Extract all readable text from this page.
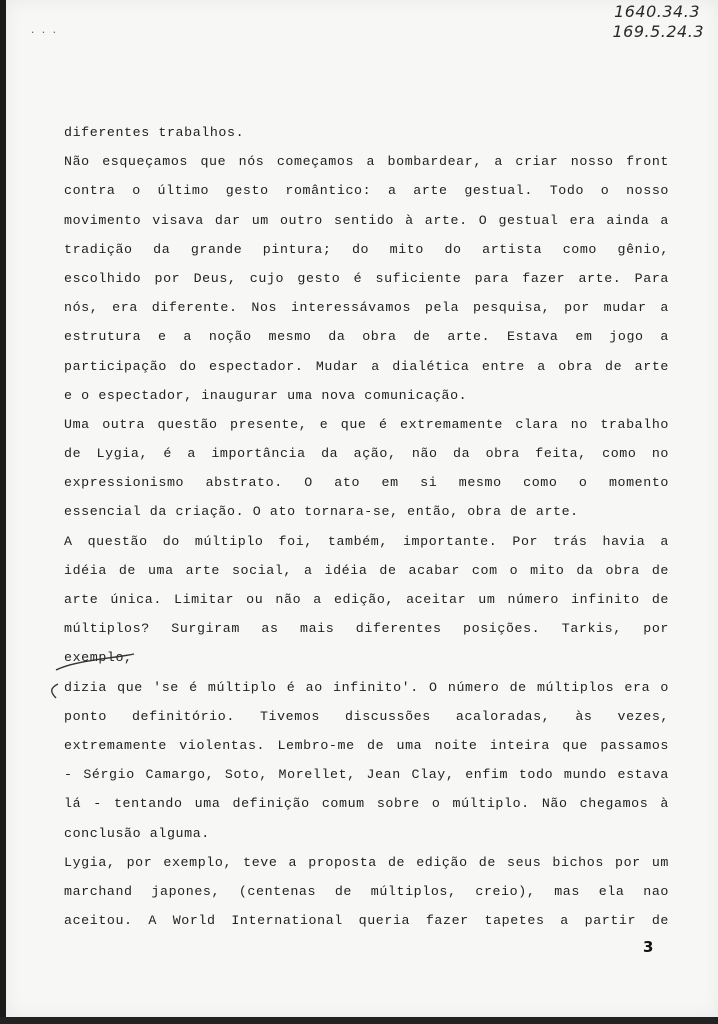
1640.34.3
169.5.24.3
. . .
diferentes trabalhos.
Não esqueçamos que nós começamos a bombardear, a criar nosso front
contra o último gesto romântico: a arte gestual. Todo o nosso
movimento visava dar um outro sentido à arte. O gestual era ainda a
tradição da grande pintura; do mito do artista como gênio,
escolhido por Deus, cujo gesto é suficiente para fazer arte. Para
nós, era diferente. Nos interessávamos pela pesquisa, por mudar a
estrutura e a noção mesmo da obra de arte. Estava em jogo a
participação do espectador. Mudar a dialética entre a obra de arte
e o espectador, inaugurar uma nova comunicação.
Uma outra questão presente, e que é extremamente clara no trabalho
de Lygia, é a importância da ação, não da obra feita, como no
expressionismo abstrato. O ato em si mesmo como o momento
essencial da criação. O ato tornara-se, então, obra de arte.
A questão do múltiplo foi, também, importante. Por trás havia a
idéia de uma arte social, a idéia de acabar com o mito da obra de
arte única. Limitar ou não a edição, aceitar um número infinito de
múltiplos? Surgiram as mais diferentes posições. Tarkis, por
exemplo,
dizia que 'se é múltiplo é ao infinito'. O número de múltiplos era o
ponto definitório. Tivemos discussões acaloradas, às vezes,
extremamente violentas. Lembro-me de uma noite inteira que passamos
- Sérgio Camargo, Soto, Morellet, Jean Clay, enfim todo mundo estava
lá - tentando uma definição comum sobre o múltiplo. Não chegamos à
conclusão alguma.
Lygia, por exemplo, teve a proposta de edição de seus bichos por um
marchand japones, (centenas de múltiplos, creio), mas ela nao
aceitou. A World International queria fazer tapetes a partir de
3
